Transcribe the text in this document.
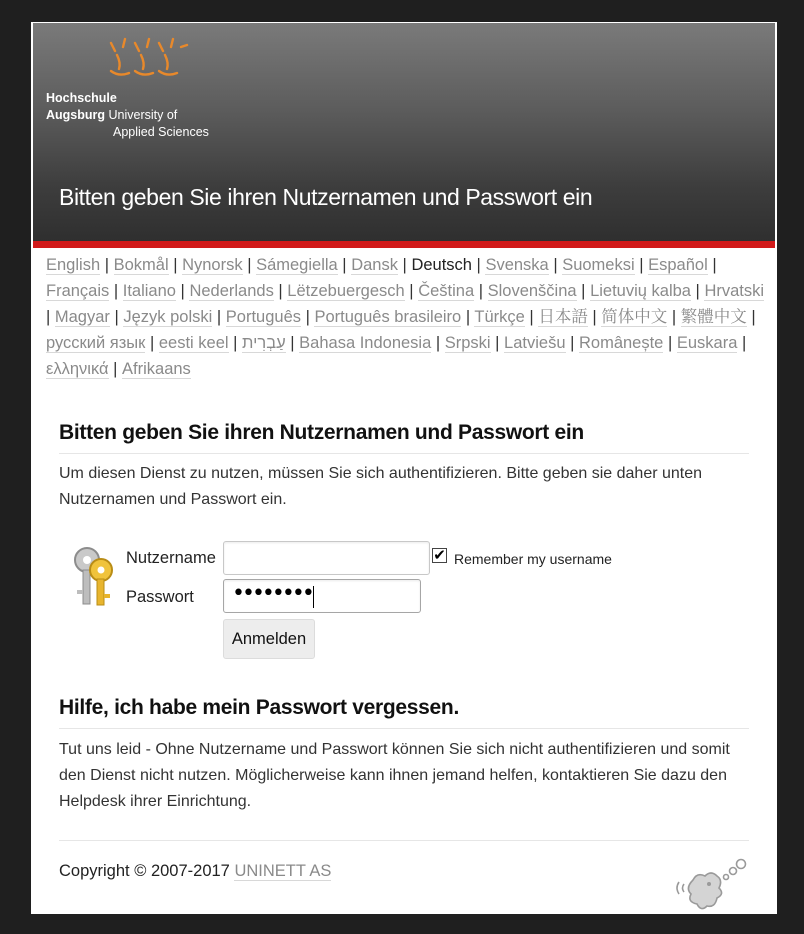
Hochschule
Augsburg University of
Applied Sciences
Bitten geben Sie ihren Nutzernamen und Passwort ein
English | Bokmål | Nynorsk | Sámegiella | Dansk | Deutsch | Svenska | Suomeksi | Español | Français | Italiano | Nederlands | Lëtzebuergesch | Čeština | Slovenščina | Lietuvių kalba | Hrvatski | Magyar | Język polski | Português | Português brasileiro | Türkçe | 日本語 | 简体中文 | 繁體中文 | русский язык | eesti keel | עַבְרִית | Bahasa Indonesia | Srpski | Latviešu | Românește | Euskara | ελληνικά | Afrikaans
Bitten geben Sie ihren Nutzernamen und Passwort ein
Um diesen Dienst zu nutzen, müssen Sie sich authentifizieren. Bitte geben sie daher unten Nutzernamen und Passwort ein.
Nutzername	✔ Remember my username
Passwort ••••••••
Anmelden
Hilfe, ich habe mein Passwort vergessen.
Tut uns leid - Ohne Nutzername und Passwort können Sie sich nicht authentifizieren und somit den Dienst nicht nutzen. Möglicherweise kann ihnen jemand helfen, kontaktieren Sie dazu den Helpdesk ihrer Einrichtung.
Copyright © 2007-2017 UNINETT AS
